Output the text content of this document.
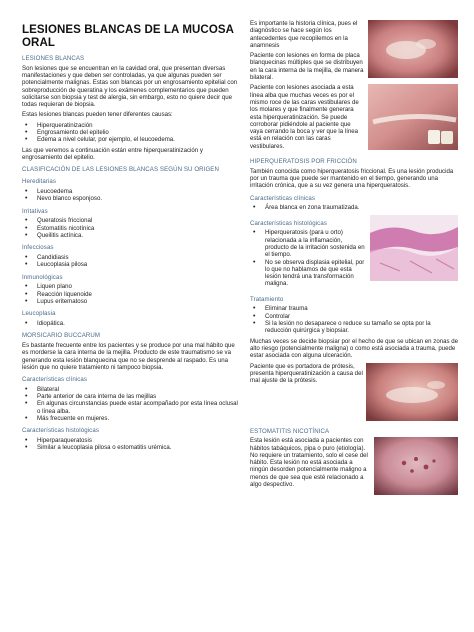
LESIONES BLANCAS DE LA MUCOSA ORAL
LESIONES BLANCAS
Son lesiones que se encuentran en la cavidad oral, que presentan diversas manifestaciones y que deben ser controladas, ya que algunas pueden ser potencialmente malignas. Estas son blancas por un engrosamiento epitelial con sobreproducción de queratina y los exámenes complementarios que pueden solicitarse son biopsia y test de alergia, sin embargo, esto no quiere decir que todas requieran de biopsia.
Estas lesiones blancas pueden tener diferentes causas:
• Hiperqueratinización
• Engrosamiento del epitelio
• Edema a nivel celular, por ejemplo, el leucoedema.
Las que veremos a continuación están entre hiperqueratinización y engrosamiento del epitelio.
CLASIFICACIÓN DE LAS LESIONES BLANCAS SEGÚN SU ORIGEN
Hereditarias
• Leucoedema
• Nevo blanco esponjoso.
Irritativas
• Queratosis friccional
• Estomatitis nicotínica
• Queilitis actínica.
Infecciosas
• Candidiasis
• Leucoplasia pilosa
Inmunológicas
• Liquen plano
• Reacción liquenoide
• Lupus eritematoso
Leucoplasia
• Idiopática.
MORSICARIO BUCCARUM
Es bastante frecuente entre los pacientes y se produce por una mal hábito que es morderse la cara interna de la mejilla. Producto de este traumatismo se va generando esta lesión blanquecina que no se desprende al raspado. Es una lesión que no quiere tratamiento ni tampoco biopsia.
Características clínicas
• Bilateral
• Parte anterior de cara interna de las mejillas
• En algunas circunstancias puede estar acompañado por esta línea oclusal o línea alba.
• Más frecuente en mujeres.
Características histológicas
• Hiperparaqueratosis
• Similar a leucoplasia pilosa o estomatitis urémica.
Es importante la historia clínica, pues el diagnóstico se hace según los antecedentes que recopilemos en la anamnesis
Paciente con lesiones en forma de placa blanquecinas múltiples que se distribuyen en la cara interna de la mejilla, de manera bilateral.
Paciente con lesiones asociada a esta línea alba que muchas veces es por el mismo roce de las caras vestibulares de los molares y que finalmente generara esta hiperqueratinización. Se puede corroborar pidiéndole al paciente que vaya cerrando la boca y ver que la línea está en relación con las caras vestibulares.
HIPERQUERATOSIS POR FRICCIÓN
También conocida como hiperqueratosis friccional. Es una lesión producida por un trauma que puede ser mantenido en el tiempo, generando una irritación crónica, que a su vez genera una hiperqueratosis.
Características clínicas
• Área blanca en zona traumatizada.
Características histológicas
• Hiperqueratosis (para u orto) relacionada a la inflamación, producto de la irritación sostenida en el tiempo.
• No se observa displasia epitelial, por lo que no hablamos de que esta lesión tendrá una transformación maligna.
Tratamiento
• Eliminar trauma
• Controlar
• Si la lesión no desaparece o reduce su tamaño se opta por la reducción quirúrgica y biopsiar.
Muchas veces se decide biopsiar por el hecho de que se ubican en zonas de alto riesgo (potencialmente maligna) o como está asociada a trauma, puede estar asociada con alguna ulceración.
Paciente que es portadora de prótesis, presenta hiperqueratinización a causa del mal ajuste de la prótesis.
ESTOMATITIS NICOTÍNICA
Esta lesión está asociada a pacientes con hábitos tabáquicos, pipa o puro (etiología). No requiere un tratamiento, solo el cese del hábito. Esta lesión no está asociada a ningún desorden potencialmente maligno a menos de que sea que esté relacionado a algo despectivo.
